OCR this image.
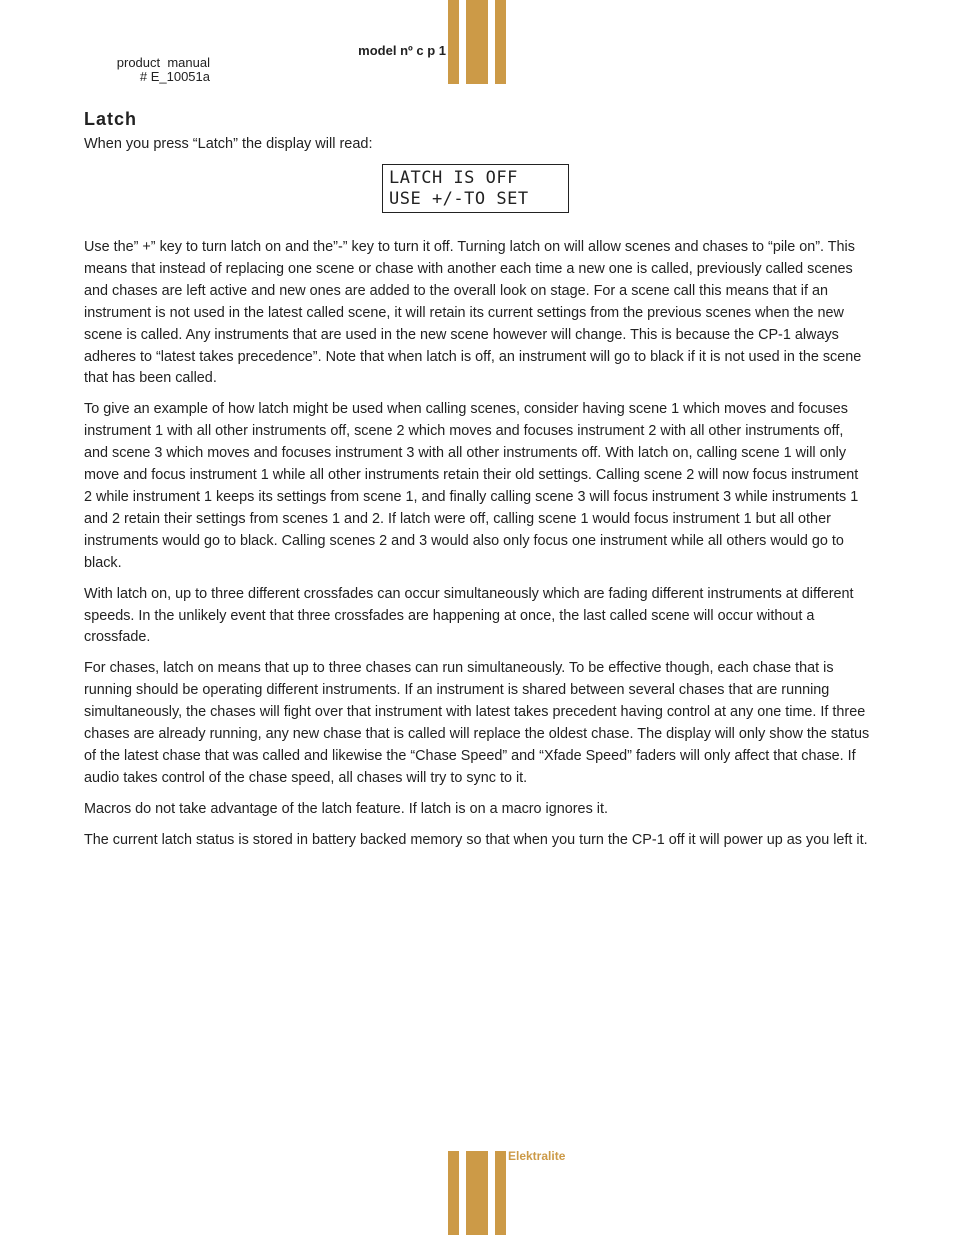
product  manual
# E_10051a
model nº c p 1
Latch

When you press “Latch” the display will read:

LATCH IS OFF
USE +/-TO SET

Use the” +” key to turn latch on and the”-” key to turn it off. Turning latch on will allow scenes and chases to “pile on”. This means that instead of replacing one scene or chase with another each time a new one is called, previously called scenes and chases are left active and new ones are added to the overall look on stage. For a scene call this means that if an instrument is not used in the latest called scene, it will retain its current settings from the previous scenes when the new scene is called. Any instruments that are used in the new scene however will change. This is because the CP-1 always adheres to “latest takes precedence”. Note that when latch is off, an instrument will go to black if it is not used in the scene that has been called.

To give an example of how latch might be used when calling scenes, consider having scene 1 which moves and focuses instrument 1 with all other instruments off, scene 2 which moves and focuses instrument 2 with all other instruments off, and scene 3 which moves and focuses instrument 3 with all other instruments off. With latch on, calling scene 1 will only move and focus instrument 1 while all other instruments retain their old settings. Calling scene 2 will now focus instrument 2 while instrument 1 keeps its settings from scene 1, and finally calling scene 3 will focus instrument 3 while instruments 1 and 2 retain their settings from scenes 1 and 2. If latch were off, calling scene 1 would focus instrument 1 but all other instruments would go to black. Calling scenes 2 and 3 would also only focus one instrument while all others would go to black.

With latch on, up to three different crossfades can occur simultaneously which are fading different instruments at different speeds. In the unlikely event that three crossfades are happening at once, the last called scene will occur without a crossfade.

For chases, latch on means that up to three chases can run simultaneously. To be effective though, each chase that is running should be operating different instruments. If an instrument is shared between several chases that are running simultaneously, the chases will fight over that instrument with latest takes precedent having control at any one time. If three chases are already running, any new chase that is called will replace the oldest chase. The display will only show the status of the latest chase that was called and likewise the “Chase Speed” and “Xfade Speed” faders will only affect that chase. If audio takes control of the chase speed, all chases will try to sync to it.

Macros do not take advantage of the latch feature. If latch is on a macro ignores it.

The current latch status is stored in battery backed memory so that when you turn the CP-1 off it will power up as you left it.

Elektralite
